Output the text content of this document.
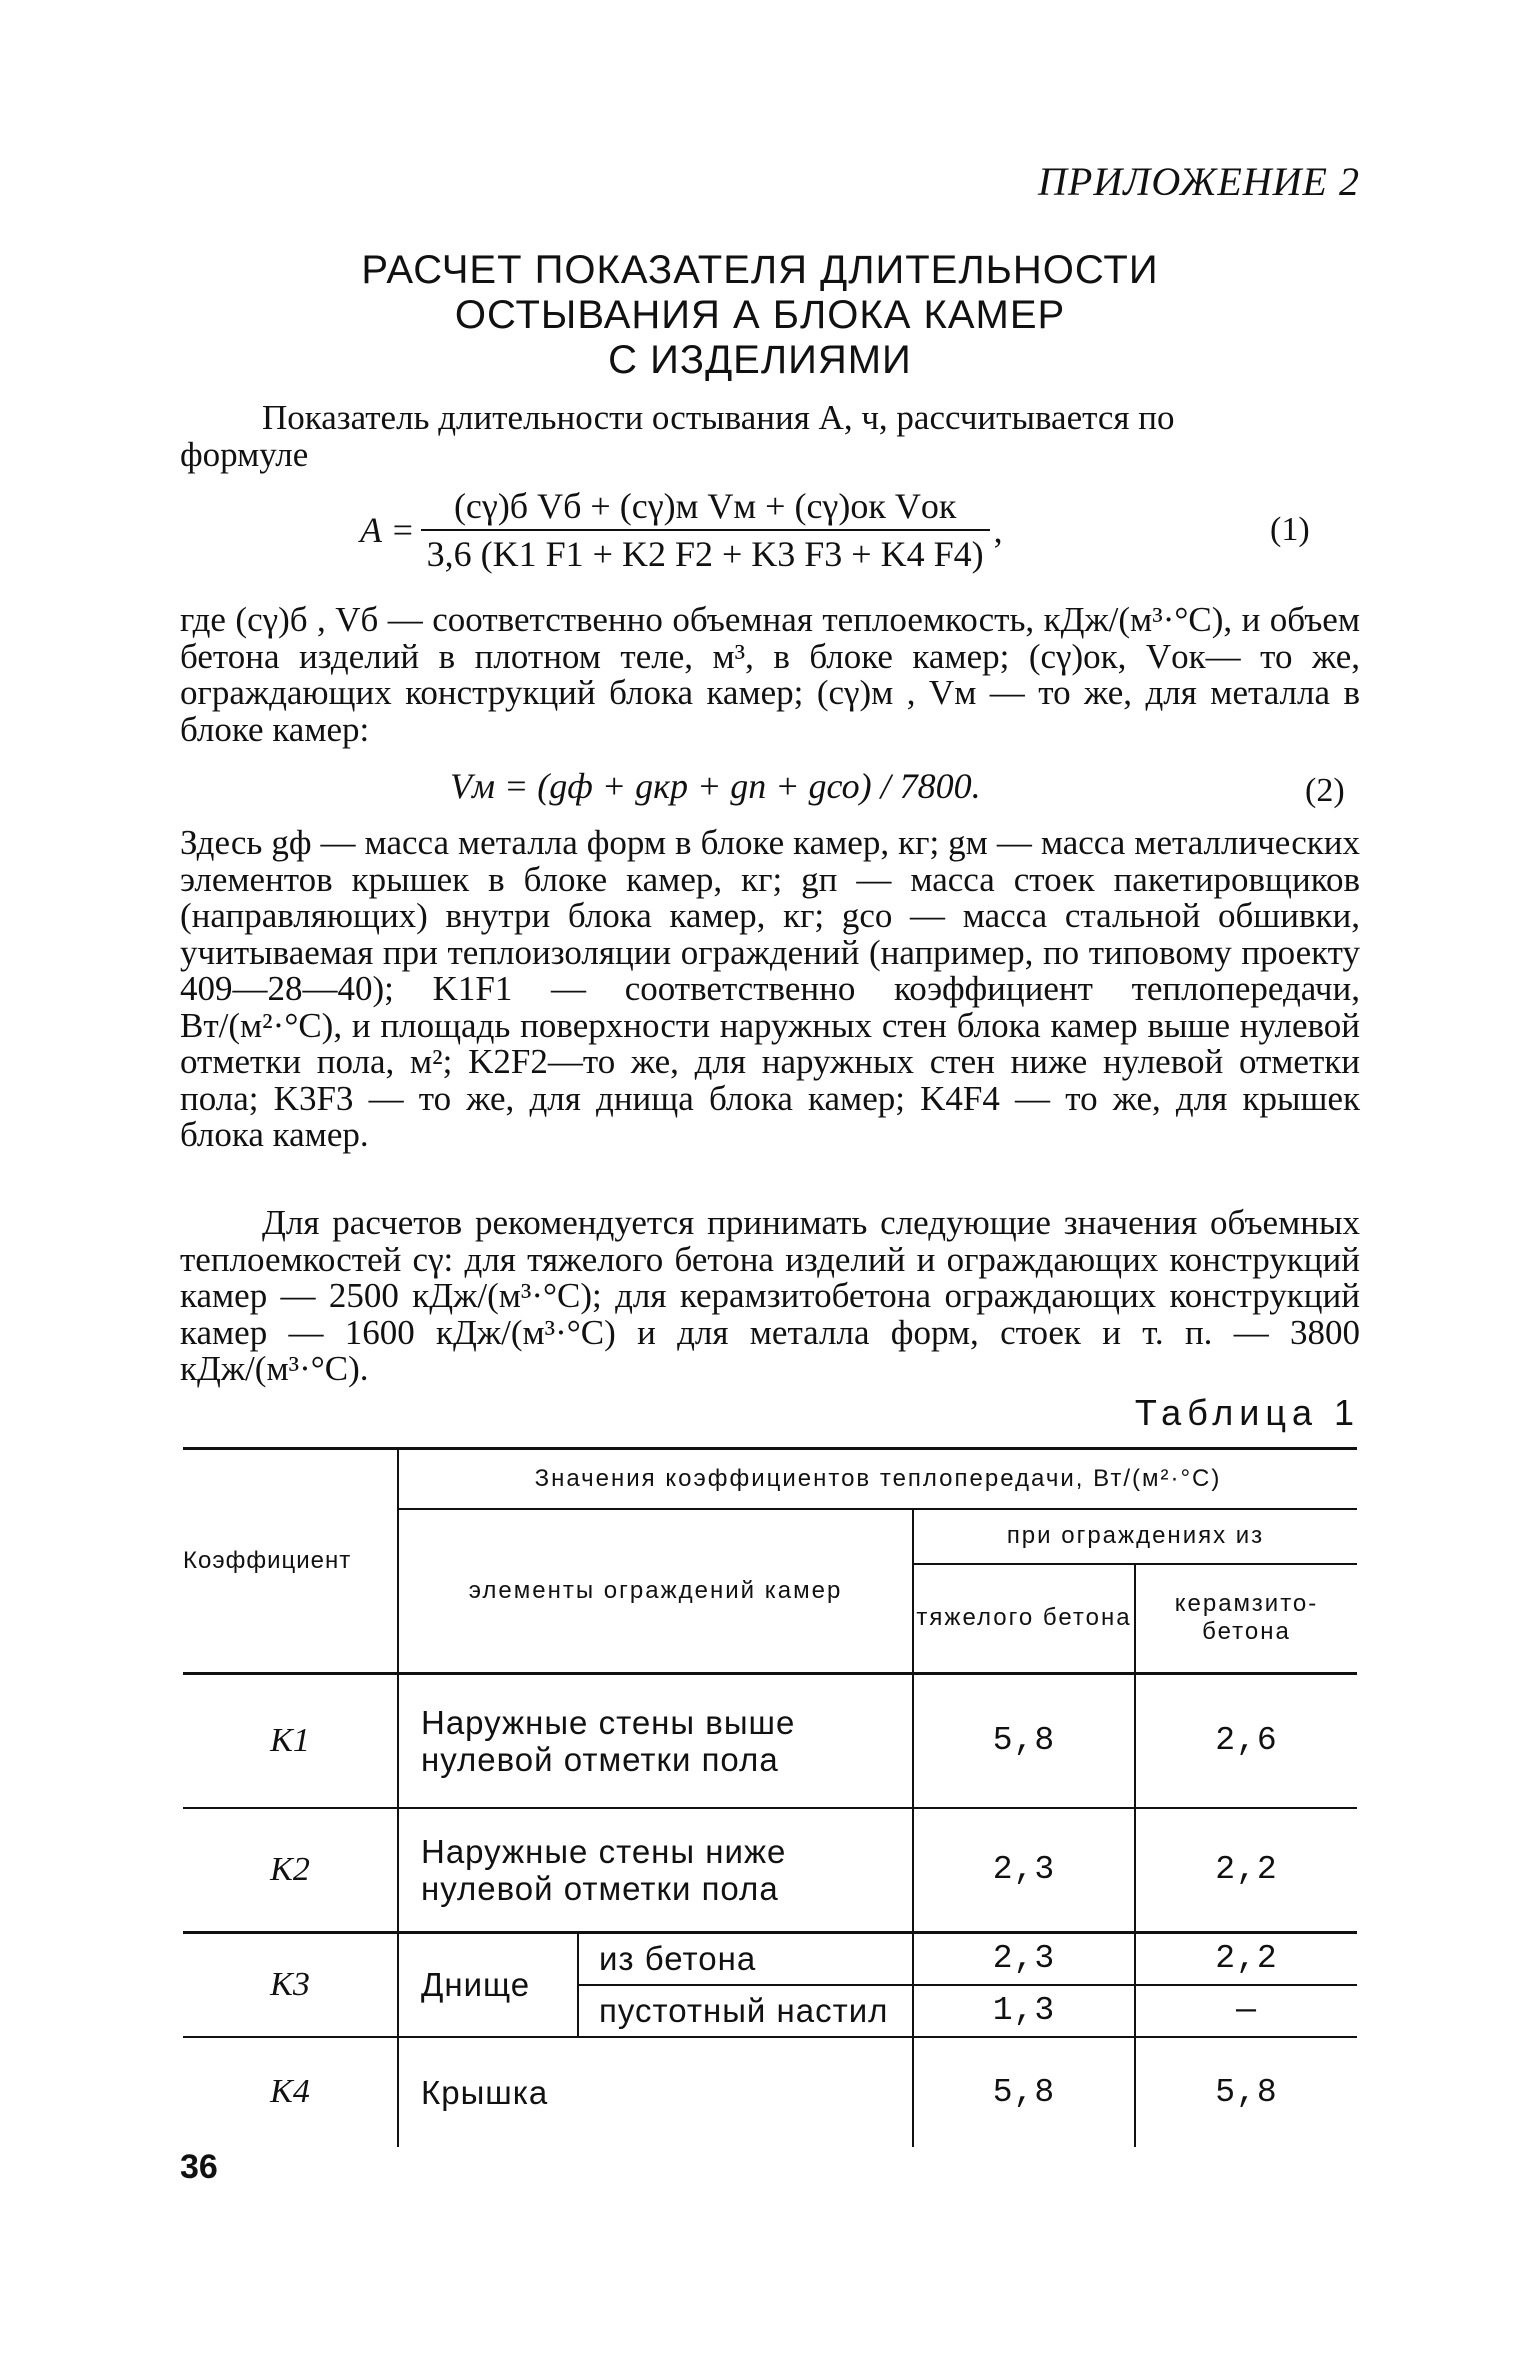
ПРИЛОЖЕНИЕ 2
РАСЧЕТ ПОКАЗАТЕЛЯ ДЛИТЕЛЬНОСТИ
ОСТЫВАНИЯ А БЛОКА КАМЕР
С ИЗДЕЛИЯМИ
Показатель длительности остывания А, ч, рассчитывается по
формуле
$A = \frac{\text{(cγ)б Vб + (cγ)м Vм + (cγ)ок Vок}}{3,6 (K1 F1 + K2 F2 + K3 F3 + K4 F4)}$ ,	(1)
где (cγ)б , Vб — соответственно объемная теплоемкость, кДж/(м³·°С), и объем бетона изделий в плотном теле, м³, в блоке камер; (cγ)ок, Vок— то же, ограждающих конструкций блока камер; (cγ)м , Vм — то же, для металла в блоке камер:
Vм = (gф + gкр + gп + gсо) / 7800.	(2)
Здесь gф — масса металла форм в блоке камер, кг; gм — масса металлических элементов крышек в блоке камер, кг; gп — масса стоек пакетировщиков (направляющих) внутри блока камер, кг; gсо — масса стальной обшивки, учитываемая при теплоизоляции ограждений (например, по типовому проекту 409—28—40); K1F1 — соответственно коэффициент теплопередачи, Вт/(м²·°С), и площадь поверхности наружных стен блока камер выше нулевой отметки пола, м²; K2F2—то же, для наружных стен ниже нулевой отметки пола; K3F3 — то же, для днища блока камер; K4F4 — то же, для крышек блока камер.
Для расчетов рекомендуется принимать следующие значения объемных теплоемкостей cγ: для тяжелого бетона изделий и ограждающих конструкций камер — 2500 кДж/(м³·°С); для керамзитобетона ограждающих конструкций камер — 1600 кДж/(м³·°С) и для металла форм, стоек и т. п. — 3800 кДж/(м³·°С).
Таблица 1
Коэффициент	Значения коэффициентов теплопередачи, Вт/(м²·°С)			
	элементы ограждений камер		при ограждениях из	
			тяжелого бетона	керамзито-бетона
K1	Наружные стены выше нулевой отметки пола		5,8	2,6
K2	Наружные стены ниже нулевой отметки пола		2,3	2,2
K3	Днище	из бетона	2,3	2,2
		пустотный настил	1,3	—
K4	Крышка		5,8	5,8
36
